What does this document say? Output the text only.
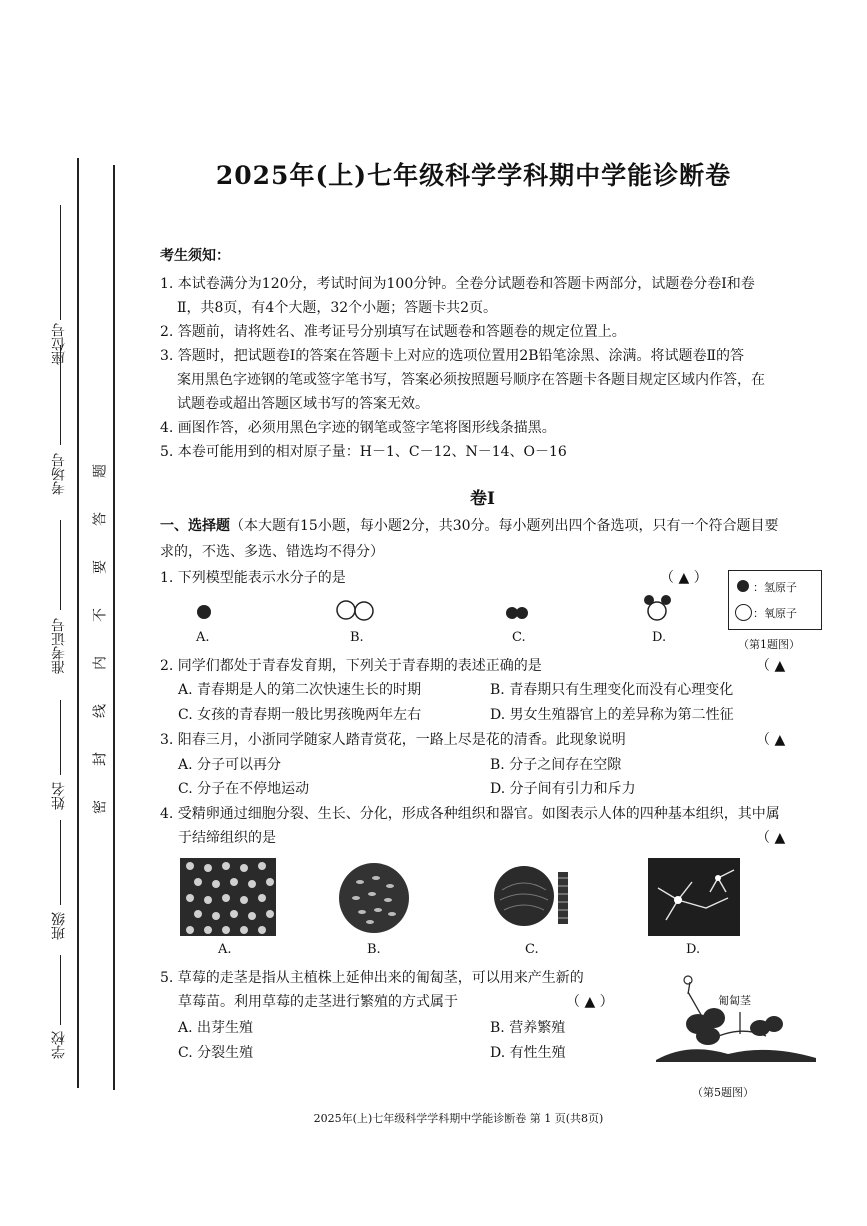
座位号
考场号
准考证号
姓名
班级
学校
题
答
要
不
内
线
封
密
2025年(上)七年级科学学科期中学能诊断卷
考生须知：
1. 本试卷满分为120分，考试时间为100分钟。全卷分试题卷和答题卡两部分，试题卷分卷Ⅰ和卷
Ⅱ，共8页，有4个大题，32个小题；答题卡共2页。
2. 答题前，请将姓名、准考证号分别填写在试题卷和答题卷的规定位置上。
3. 答题时，把试题卷Ⅰ的答案在答题卡上对应的选项位置用2B铅笔涂黑、涂满。将试题卷Ⅱ的答
案用黑色字迹钢的笔或签字笔书写，答案必须按照题号顺序在答题卡各题目规定区域内作答，在
试题卷或超出答题区域书写的答案无效。
4. 画图作答，必须用黑色字迹的钢笔或签字笔将图形线条描黑。
5. 本卷可能用到的相对原子量：H－1、C－12、N－14、O－16
卷Ⅰ
一、选择题（本大题有15小题，每小题2分，共30分。每小题列出四个备选项，只有一个符合题目要
求的，不选、多选、错选均不得分）
1. 下列模型能表示水分子的是	（ ▲ ）
A.	B.	C.	D.
：氢原子
：氧原子
（第1题图）
2. 同学们都处于青春发育期，下列关于青春期的表述正确的是	（ ▲
A. 青春期是人的第二次快速生长的时期	B. 青春期只有生理变化而没有心理变化
C. 女孩的青春期一般比男孩晚两年左右	D. 男女生殖器官上的差异称为第二性征
3. 阳春三月，小浙同学随家人踏青赏花，一路上尽是花的清香。此现象说明	（ ▲
A. 分子可以再分	B. 分子之间存在空隙
C. 分子在不停地运动	D. 分子间有引力和斥力
4. 受精卵通过细胞分裂、生长、分化，形成各种组织和器官。如图表示人体的四种基本组织，其中属
于结缔组织的是	（ ▲
A.	B.	C.	D.
5. 草莓的走茎是指从主植株上延伸出来的匍匐茎，可以用来产生新的
草莓苗。利用草莓的走茎进行繁殖的方式属于	（ ▲ ）
A. 出芽生殖	B. 营养繁殖
C. 分裂生殖	D. 有性生殖
匍匐茎
（第5题图）
2025年(上)七年级科学学科期中学能诊断卷 第 1 页(共8页)
